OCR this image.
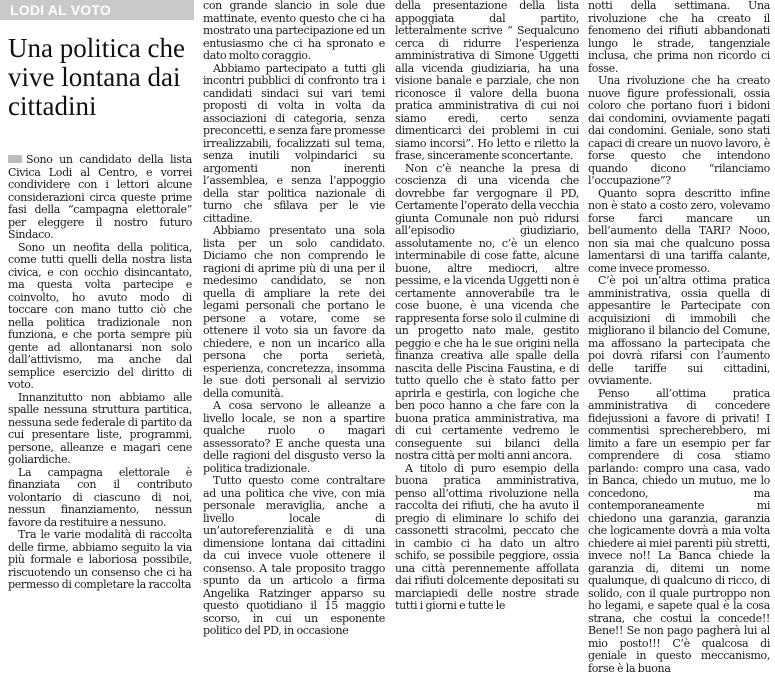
LODI AL VOTO
Una politica che vive lontana dai cittadini

Sono un candidato della lista Civica Lodi al Centro, e vorrei condividere con i lettori alcune considerazioni circa queste prime fasi della “campagna elettorale” per eleggere il nostro futuro Sindaco.

Sono un neofita della politica, come tutti quelli della nostra lista civica, e con occhio disincantato, ma questa volta partecipe e coinvolto, ho avuto modo di toccare con mano tutto ciò che nella politica tradizionale non funziona, e che porta sempre più gente ad allontanarsi non solo dall’attivismo, ma anche dal semplice esercizio del diritto di voto.

Innanzitutto non abbiamo alle spalle nessuna struttura partitica, nessuna sede federale di partito da cui presentare liste, programmi, persone, alleanze e magari cene goliardiche.

La campagna elettorale è finanziata con il contributo volontario di ciascuno di noi, nessun finanziamento, nessun favore da restituire a nessuno.

Tra le varie modalità di raccolta delle firme, abbiamo seguito la via più formale e laboriosa possibile, riscuotendo un consenso che ci ha permesso di completare la raccolta

con grande slancio in sole due mattinate, evento questo che ci ha mostrato una partecipazione ed un entusiasmo che ci ha spronato e dato molto coraggio.

Abbiamo partecipato a tutti gli incontri pubblici di confronto tra i candidati sindaci sui vari temi proposti di volta in volta da associazioni di categoria, senza preconcetti, e senza fare promesse irrealizzabili, focalizzati sul tema, senza inutili volpindarici su argomenti non inerenti l’assemblea, e senza l’appoggio della star politica nazionale di turno che sfilava per le vie cittadine.

Abbiamo presentato una sola lista per un solo candidato. Diciamo che non comprendo le ragioni di aprime più di una per il medesimo candidato, se non quella di ampliare la rete dei legami personali che portano le persone a votare, come se ottenere il voto sia un favore da chiedere, e non un incarico alla persona che porta serietà, esperienza, concretezza, insomma le sue doti personali al servizio della comunità.

A cosa servono le alleanze a livello locale, se non a spartire qualche ruolo o magari assessorato? E anche questa una delle ragioni del disgusto verso la politica tradizionale.

Tutto questo come contraltare ad una politica che vive, con mia personale meraviglia, anche a livello locale di un’autoreferenzialità e di una dimensione lontana dai cittadini da cui invece vuole ottenere il consenso. A tale proposito traggo spunto da un articolo a firma Angelika Ratzinger apparso su questo quotidiano il 15 maggio scorso, in cui un esponente politico del PD, in occasione

della presentazione della lista appoggiata dal partito, letteralmente scrive “ Sequalcuno cerca di ridurre l’esperienza amministrativa di Simone Uggetti alla vicenda giudiziaria, ha una visione banale e parziale, che non riconosce il valore della buona pratica amministrativa di cui noi siamo eredi, certo senza dimenticarci dei problemi in cui siamo incorsi”. Ho letto e riletto la frase, sinceramente sconcertante.

Non c’è neanche la presa di coscienza di una vicenda che dovrebbe far vergognare il PD, Certamente l’operato della vecchia giunta Comunale non può ridursi all’episodio giudiziario, assolutamente no, c’è un elenco interminabile di cose fatte, alcune buone, altre mediocri, altre pessime, e la vicenda Uggetti non è certamente annoverabile tra le cose buone, è una vicenda che rappresenta forse solo il culmine di un progetto nato male, gestito peggio e che ha le sue origini nella finanza creativa alle spalle della nascita delle Piscina Faustina, e di tutto quello che è stato fatto per aprirla e gestirla, con logiche che ben poco hanno a che fare con la buona pratica amministrativa, ma di cui certamente vedremo le conseguente sui bilanci della nostra città per molti anni ancora.

A titolo di puro esempio della buona pratica amministrativa, penso all’ottima rivoluzione nella raccolta dei rifiuti, che ha avuto il pregio di eliminare lo schifo dei cassonetti stracolmi, peccato che in cambio ci ha dato un altro schifo, se possibile peggiore, ossia una città perennemente affollata dai rifiuti dolcemente depositati su marciapiedi delle nostre strade tutti i giorni e tutte le

notti della settimana. Una rivoluzione che ha creato il fenomeno dei rifiuti abbandonati lungo le strade, tangenziale inclusa, che prima non ricordo ci fosse.

Una rivoluzione che ha creato nuove figure professionali, ossia coloro che portano fuori i bidoni dai condomini, ovviamente pagati dai condomini. Geniale, sono stati capaci di creare un nuovo lavoro, è forse questo che intendono quando dicono “rilanciamo l’occupazione”?

Quanto sopra descritto infine non è stato a costo zero, volevamo forse farci mancare un bell’aumento della TARI? Nooo, non sia mai che qualcuno possa lamentarsi di una tariffa calante, come invece promesso.

C’è poi un’altra ottima pratica amministrativa, ossia quella di appesantire le Partecipate con acquisizioni di immobili che migliorano il bilancio del Comune, ma affossano la partecipata che poi dovrà rifarsi con l’aumento delle tariffe sui cittadini, ovviamente.

Penso all’ottima pratica amministrativa di concedere fidejussioni a favore di privati! I commentisi sprecherebbero, mi limito a fare un esempio per far comprendere di cosa stiamo parlando: compro una casa, vado in Banca, chiedo un mutuo, me lo concedono, ma contemporaneamente mi chiedono una garanzia, garanzia che logicamente dovrà a mia volta chiedere ai miei parenti più stretti, invece no!! La Banca chiede la garanzia di, ditemi un nome qualunque, di qualcuno di ricco, di solido, con il quale purtroppo non ho legami, e sapete qual è la cosa strana, che costui la concede!! Bene!! Se non pago pagherà lui al mio posto!!! C’è qualcosa di geniale in questo meccanismo, forse è la buona
